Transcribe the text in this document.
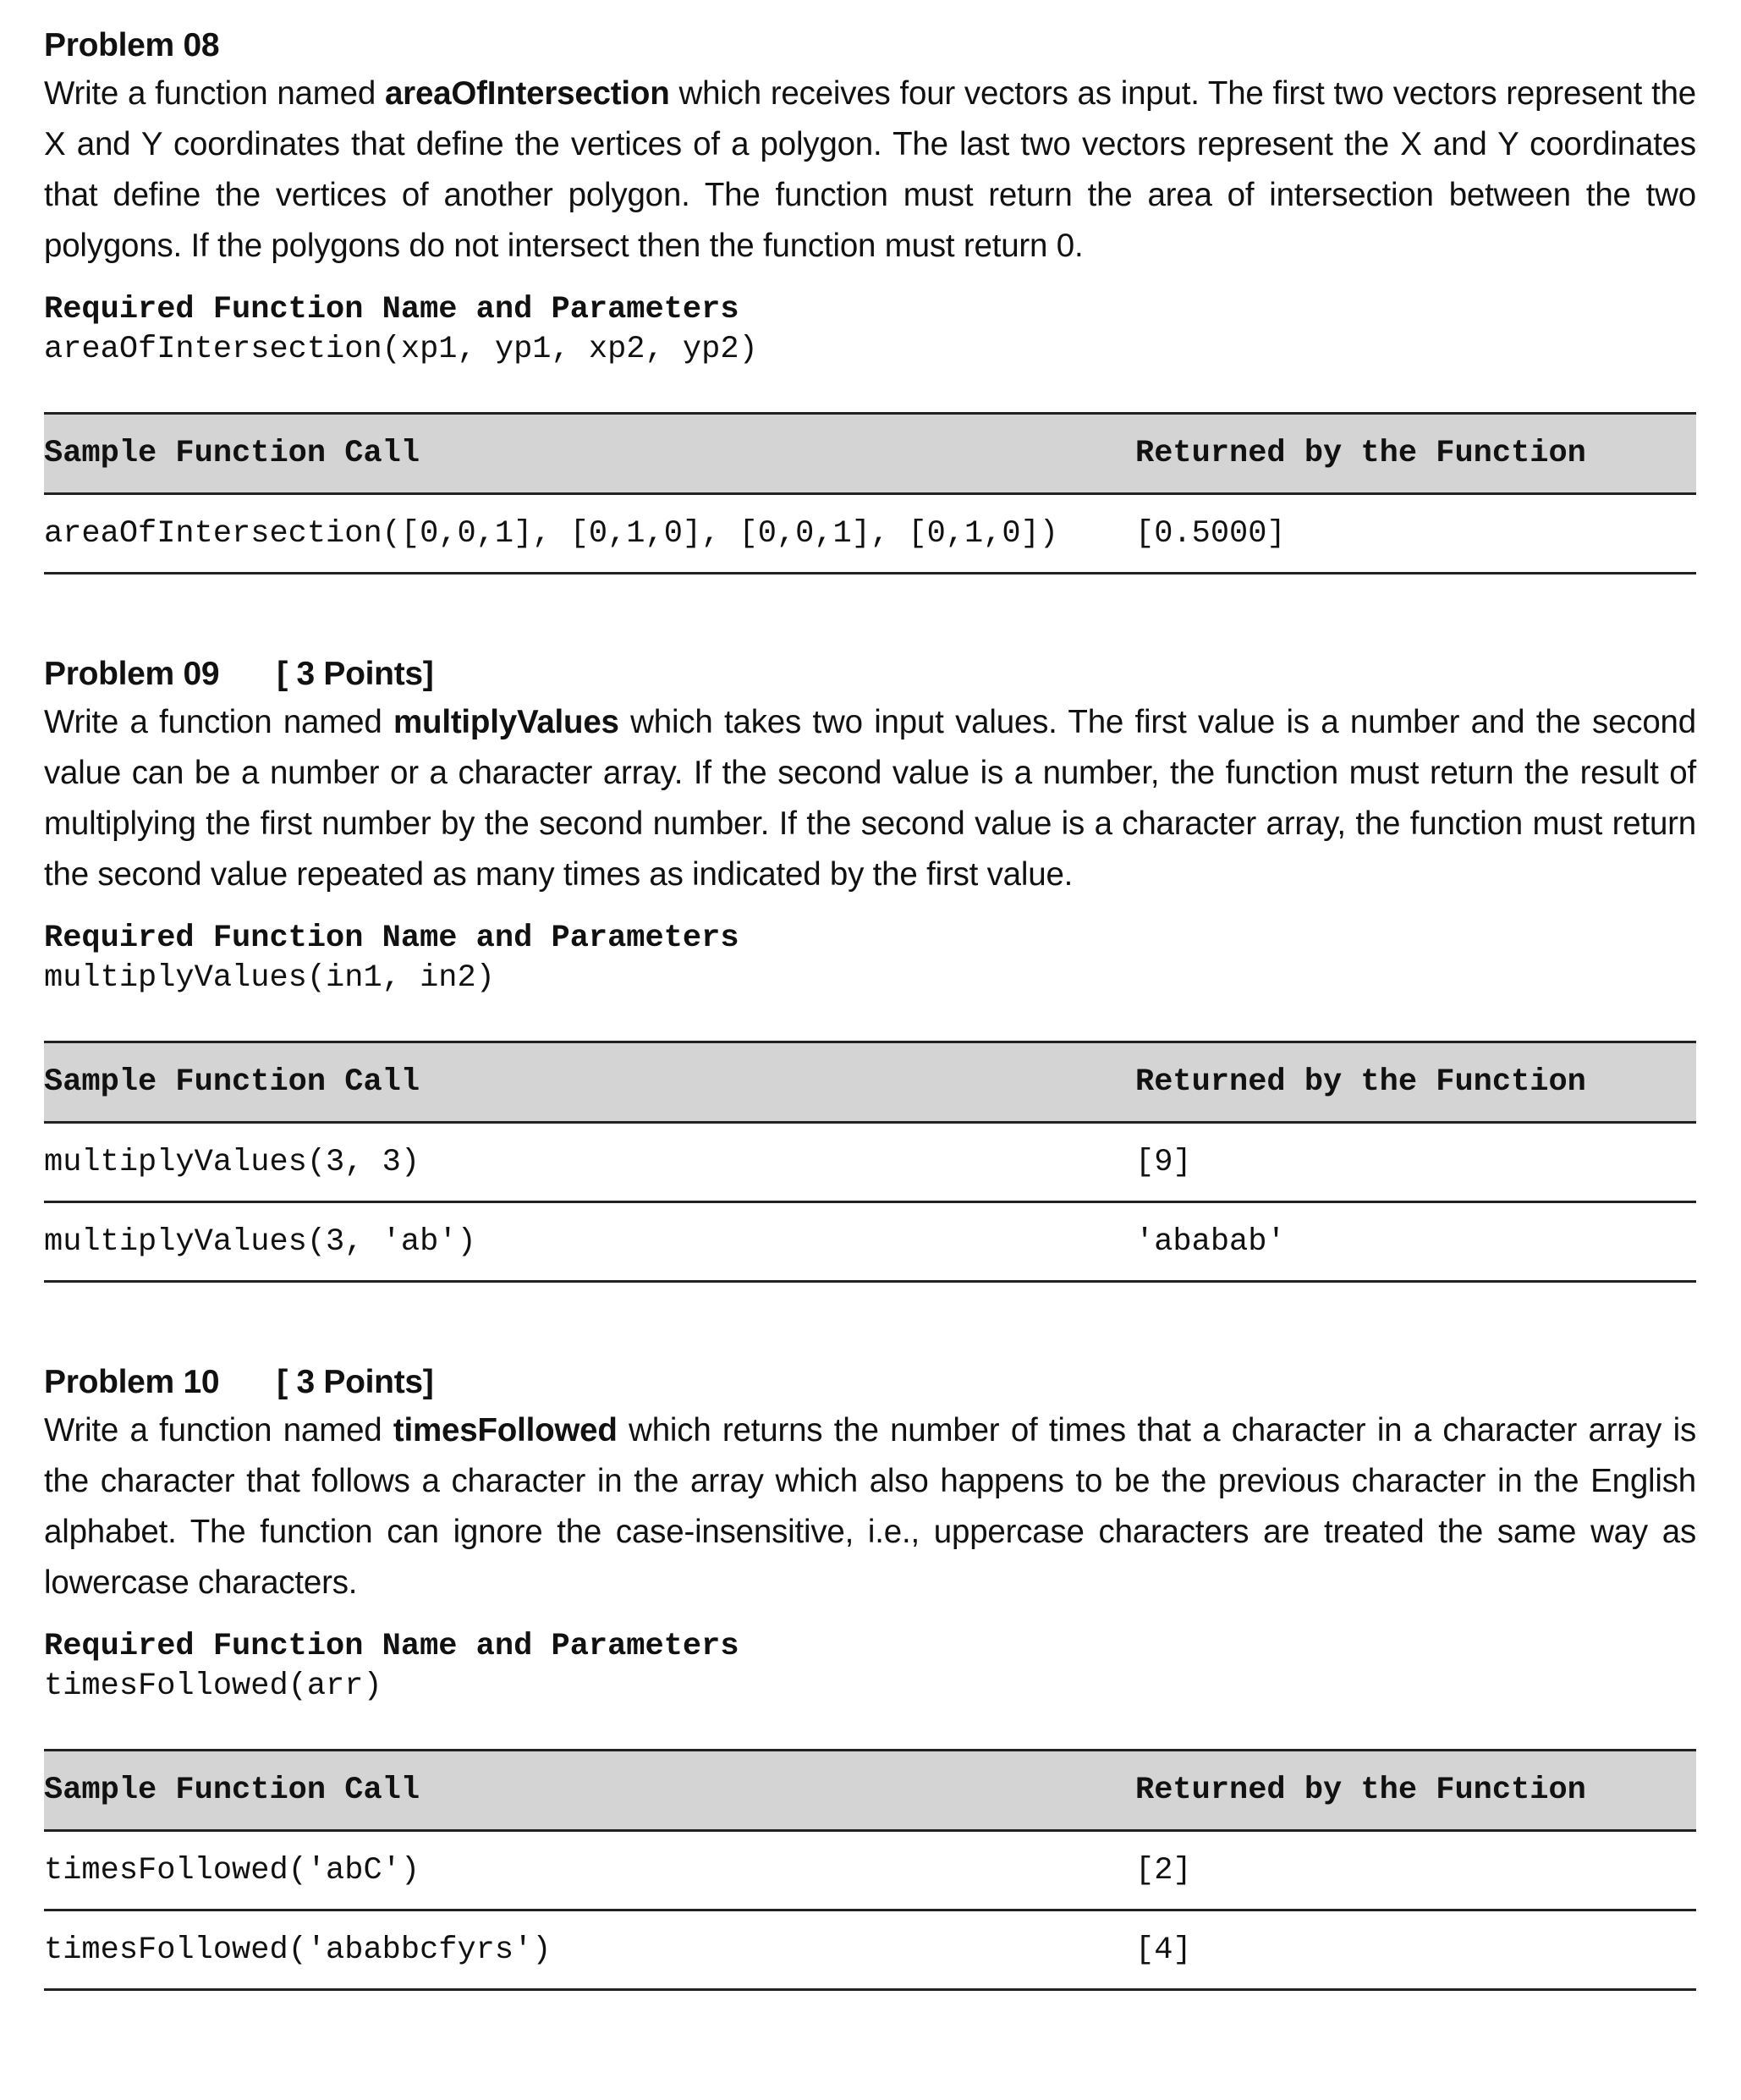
Problem 08
Write a function named areaOfIntersection which receives four vectors as input. The first two vectors represent the X and Y coordinates that define the vertices of a polygon. The last two vectors represent the X and Y coordinates that define the vertices of another polygon. The function must return the area of intersection between the two polygons. If the polygons do not intersect then the function must return 0.
Required Function Name and Parameters
areaOfIntersection(xp1, yp1, xp2, yp2)
Sample Function Call	Returned by the Function
areaOfIntersection([0,0,1], [0,1,0], [0,0,1], [0,1,0])	[0.5000]
Problem 09 [ 3 Points]
Write a function named multiplyValues which takes two input values. The first value is a number and the second value can be a number or a character array. If the second value is a number, the function must return the result of multiplying the first number by the second number. If the second value is a character array, the function must return the second value repeated as many times as indicated by the first value.
Required Function Name and Parameters
multiplyValues(in1, in2)
Sample Function Call	Returned by the Function
multiplyValues(3, 3)	[9]
multiplyValues(3, 'ab')	'ababab'
Problem 10 [ 3 Points]
Write a function named timesFollowed which returns the number of times that a character in a character array is the character that follows a character in the array which also happens to be the previous character in the English alphabet. The function can ignore the case-insensitive, i.e., uppercase characters are treated the same way as lowercase characters.
Required Function Name and Parameters
timesFollowed(arr)
Sample Function Call	Returned by the Function
timesFollowed('abC')	[2]
timesFollowed('ababbcfyrs')	[4]
